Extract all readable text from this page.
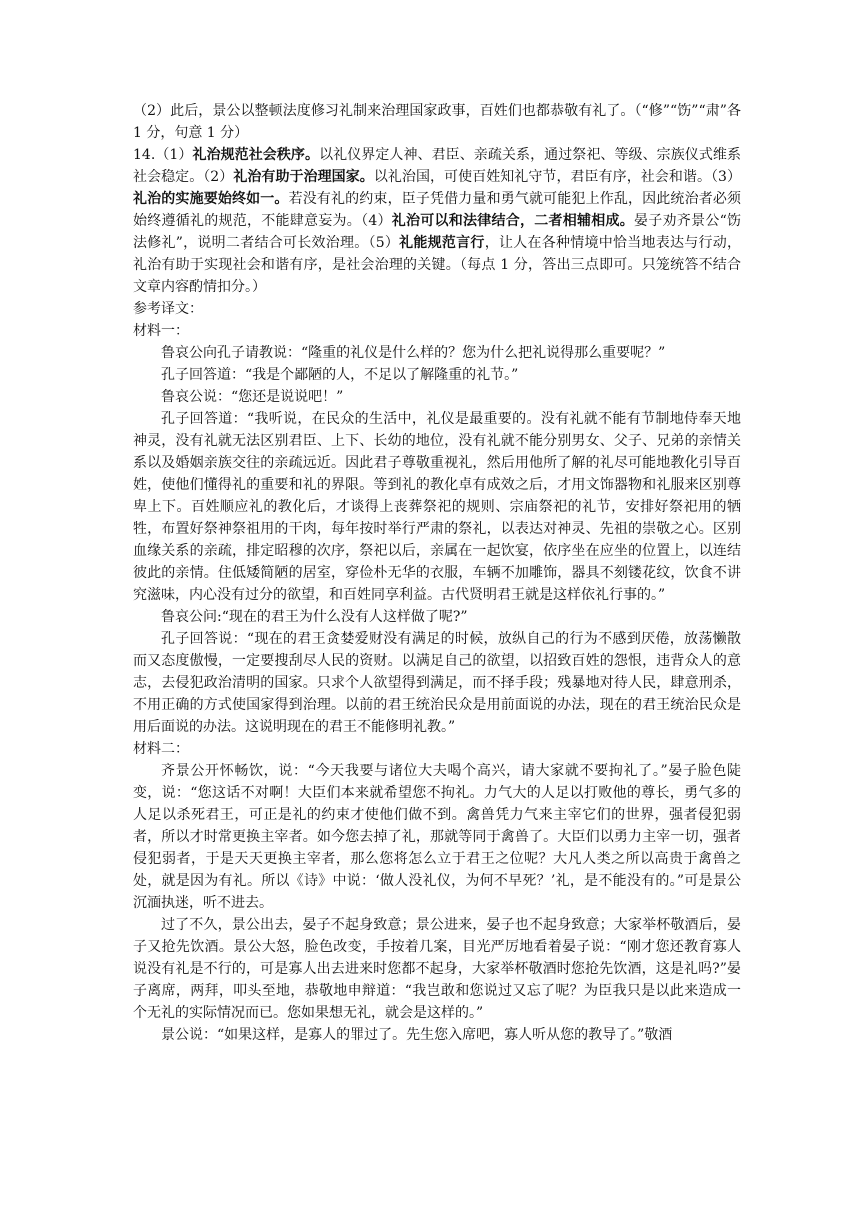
（2）此后，景公以整顿法度修习礼制来治理国家政事，百姓们也都恭敬有礼了。（“修”“饬”“肃”各 1 分，句意 1 分）

14.（1）礼治规范社会秩序。以礼仪界定人神、君臣、亲疏关系，通过祭祀、等级、宗族仪式维系社会稳定。（2）礼治有助于治理国家。以礼治国，可使百姓知礼守节，君臣有序，社会和谐。（3）礼治的实施要始终如一。若没有礼的约束，臣子凭借力量和勇气就可能犯上作乱，因此统治者必须始终遵循礼的规范，不能肆意妄为。（4）礼治可以和法律结合，二者相辅相成。晏子劝齐景公“饬法修礼”，说明二者结合可长效治理。（5）礼能规范言行，让人在各种情境中恰当地表达与行动，礼治有助于实现社会和谐有序，是社会治理的关键。（每点 1 分，答出三点即可。只笼统答不结合文章内容酌情扣分。）

参考译文：

材料一：

鲁哀公向孔子请教说：“隆重的礼仪是什么样的？您为什么把礼说得那么重要呢？”

孔子回答道：“我是个鄙陋的人，不足以了解隆重的礼节。”

鲁哀公说：“您还是说说吧！”

孔子回答道：“我听说，在民众的生活中，礼仪是最重要的。没有礼就不能有节制地侍奉天地神灵，没有礼就无法区别君臣、上下、长幼的地位，没有礼就不能分别男女、父子、兄弟的亲情关系以及婚姻亲族交往的亲疏远近。因此君子尊敬重视礼，然后用他所了解的礼尽可能地教化引导百姓，使他们懂得礼的重要和礼的界限。等到礼的教化卓有成效之后，才用文饰器物和礼服来区别尊卑上下。百姓顺应礼的教化后，才谈得上丧葬祭祀的规则、宗庙祭祀的礼节，安排好祭祀用的牺牲，布置好祭神祭祖用的干肉，每年按时举行严肃的祭礼，以表达对神灵、先祖的崇敬之心。区别血缘关系的亲疏，排定昭穆的次序，祭祀以后，亲属在一起饮宴，依序坐在应坐的位置上，以连结彼此的亲情。住低矮简陋的居室，穿俭朴无华的衣服，车辆不加雕饰，器具不刻镂花纹，饮食不讲究滋味，内心没有过分的欲望，和百姓同享利益。古代贤明君王就是这样依礼行事的。”

鲁哀公问:“现在的君王为什么没有人这样做了呢?”

孔子回答说：“现在的君王贪婪爱财没有满足的时候，放纵自己的行为不感到厌倦，放荡懒散而又态度傲慢，一定要搜刮尽人民的资财。以满足自己的欲望，以招致百姓的怨恨，违背众人的意志，去侵犯政治清明的国家。只求个人欲望得到满足，而不择手段；残暴地对待人民，肆意刑杀，不用正确的方式使国家得到治理。以前的君王统治民众是用前面说的办法，现在的君王统治民众是用后面说的办法。这说明现在的君王不能修明礼教。”

材料二：

齐景公开怀畅饮，说：“今天我要与诸位大夫喝个高兴，请大家就不要拘礼了。”晏子脸色陡变，说：“您这话不对啊！大臣们本来就希望您不拘礼。力气大的人足以打败他的尊长，勇气多的人足以杀死君王，可正是礼的约束才使他们做不到。禽兽凭力气来主宰它们的世界，强者侵犯弱者，所以才时常更换主宰者。如今您去掉了礼，那就等同于禽兽了。大臣们以勇力主宰一切，强者侵犯弱者，于是天天更换主宰者，那么您将怎么立于君王之位呢？大凡人类之所以高贵于禽兽之处，就是因为有礼。所以《诗》中说：‘做人没礼仪，为何不早死？’礼，是不能没有的。”可是景公沉湎执迷，听不进去。

过了不久，景公出去，晏子不起身致意；景公进来，晏子也不起身致意；大家举杯敬酒后，晏子又抢先饮酒。景公大怒，脸色改变，手按着几案，目光严厉地看着晏子说：“刚才您还教育寡人说没有礼是不行的，可是寡人出去进来时您都不起身，大家举杯敬酒时您抢先饮酒，这是礼吗?”晏子离席，两拜，叩头至地，恭敬地申辩道：“我岂敢和您说过又忘了呢？为臣我只是以此来造成一个无礼的实际情况而已。您如果想无礼，就会是这样的。”

景公说：“如果这样，是寡人的罪过了。先生您入席吧，寡人听从您的教导了。”敬酒
